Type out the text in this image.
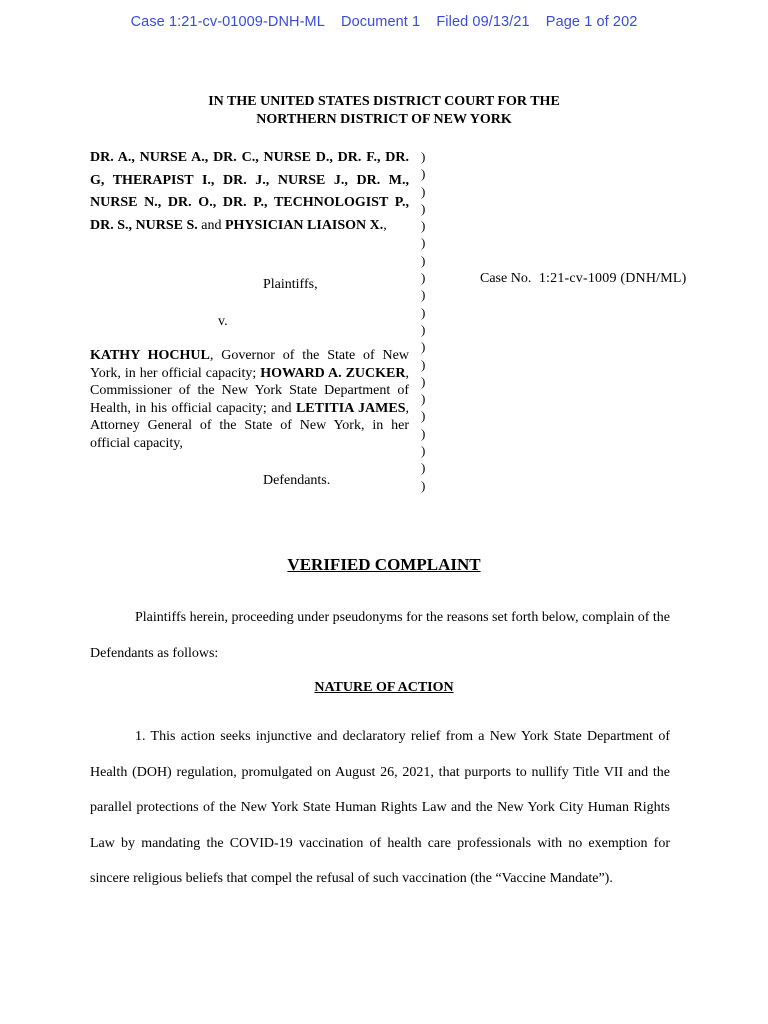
Case 1:21-cv-01009-DNH-ML Document 1 Filed 09/13/21 Page 1 of 202
IN THE UNITED STATES DISTRICT COURT FOR THE
NORTHERN DISTRICT OF NEW YORK
DR. A., NURSE A., DR. C., NURSE D., DR. F., DR. G, THERAPIST I., DR. J., NURSE J., DR. M., NURSE N., DR. O., DR. P., TECHNOLOGIST P., DR. S., NURSE S. and PHYSICIAN LIAISON X.,
Plaintiffs,
v.
KATHY HOCHUL, Governor of the State of New York, in her official capacity; HOWARD A. ZUCKER, Commissioner of the New York State Department of Health, in his official capacity; and LETITIA JAMES, Attorney General of the State of New York, in her official capacity,
Defendants.
)
)
)
)
)
)
)
)
)
)
)
)
)
)
)
)
)
)
)
)
Case No. 1:21-cv-1009 (DNH/ML)
VERIFIED COMPLAINT
Plaintiffs herein, proceeding under pseudonyms for the reasons set forth below, complain of the Defendants as follows:
NATURE OF ACTION
1. This action seeks injunctive and declaratory relief from a New York State Department of Health (DOH) regulation, promulgated on August 26, 2021, that purports to nullify Title VII and the parallel protections of the New York State Human Rights Law and the New York City Human Rights Law by mandating the COVID-19 vaccination of health care professionals with no exemption for sincere religious beliefs that compel the refusal of such vaccination (the “Vaccine Mandate”).
